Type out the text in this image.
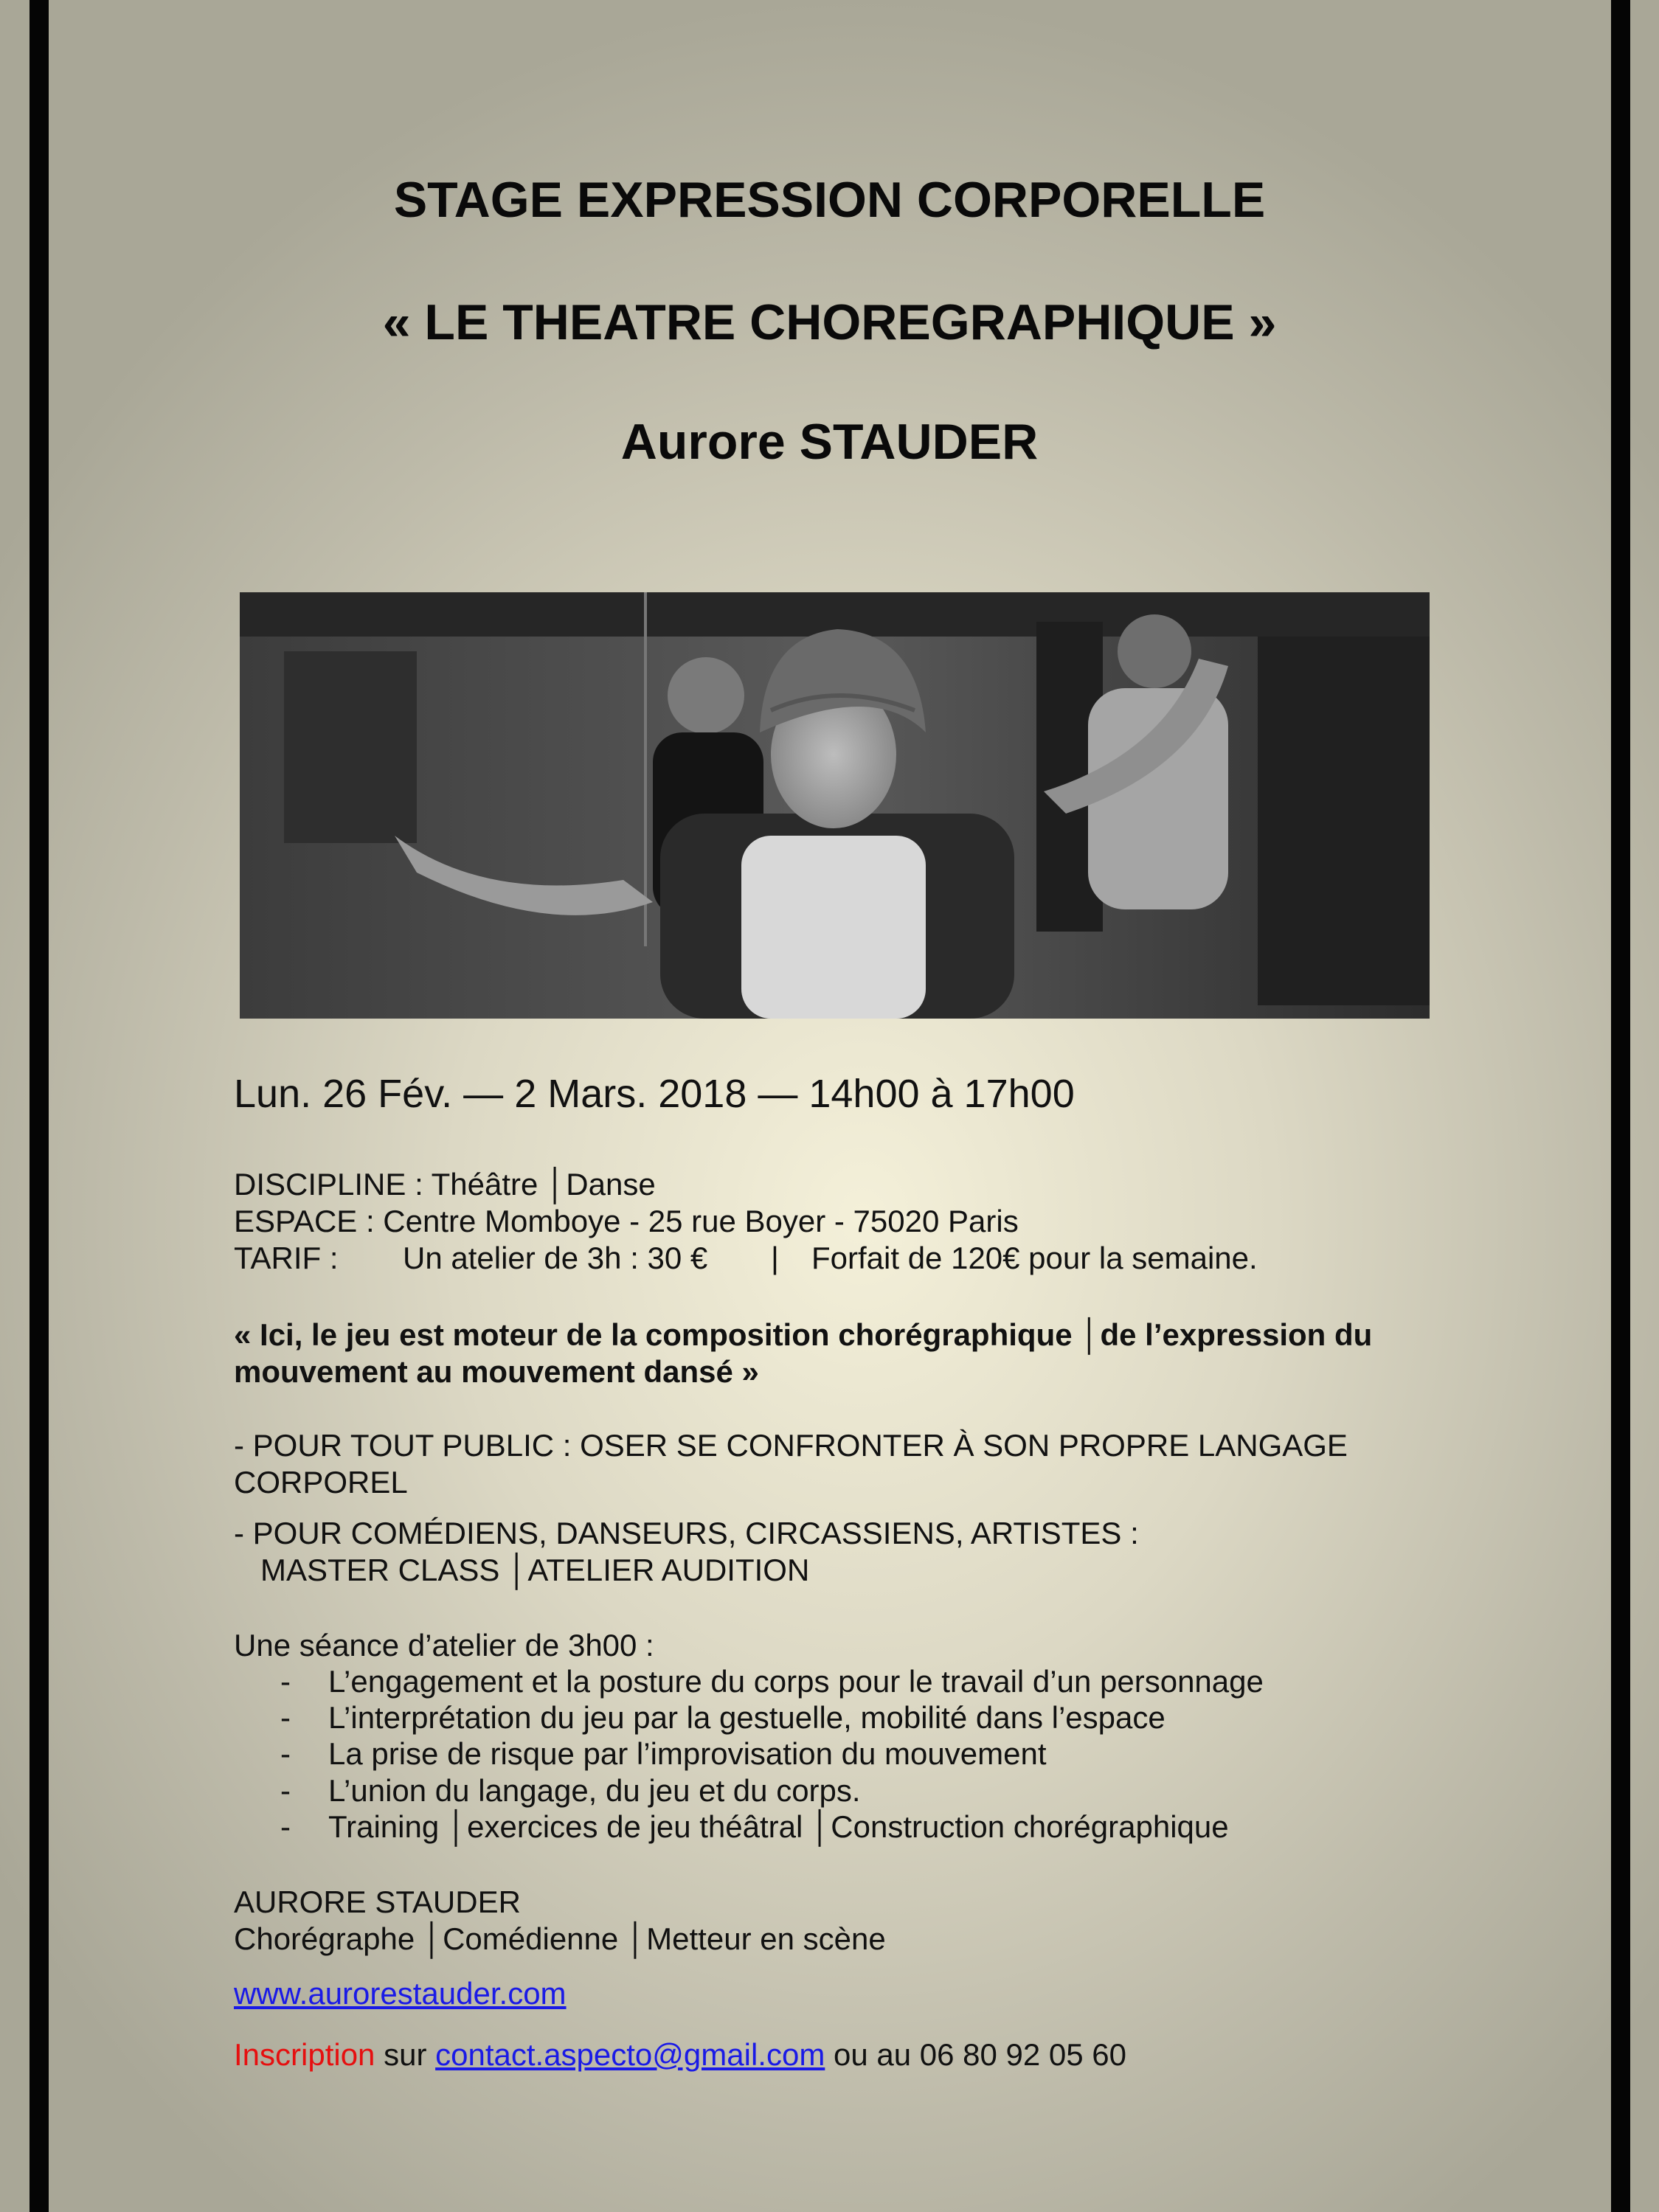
STAGE EXPRESSION CORPORELLE
« LE THEATRE CHOREGRAPHIQUE »
Aurore STAUDER
Lun. 26 Fév. — 2 Mars. 2018 — 14h00 à 17h00
DISCIPLINE : Théâtre │Danse
ESPACE : Centre Momboye - 25 rue Boyer - 75020 Paris
TARIF : Un atelier de 3h : 30 € | Forfait de 120€ pour la semaine.
« Ici, le jeu est moteur de la composition chorégraphique │de l’expression du
mouvement au mouvement dansé »
- POUR TOUT PUBLIC : OSER SE CONFRONTER À SON PROPRE LANGAGE
CORPOREL
- POUR COMÉDIENS, DANSEURS, CIRCASSIENS, ARTISTES :
MASTER CLASS │ATELIER AUDITION
Une séance d’atelier de 3h00 :
- L’engagement et la posture du corps pour le travail d’un personnage
- L’interprétation du jeu par la gestuelle, mobilité dans l’espace
- La prise de risque par l’improvisation du mouvement
- L’union du langage, du jeu et du corps.
- Training │exercices de jeu théâtral │Construction chorégraphique
AURORE STAUDER
Chorégraphe │Comédienne │Metteur en scène
www.aurorestauder.com
Inscription sur contact.aspecto@gmail.com ou au 06 80 92 05 60
